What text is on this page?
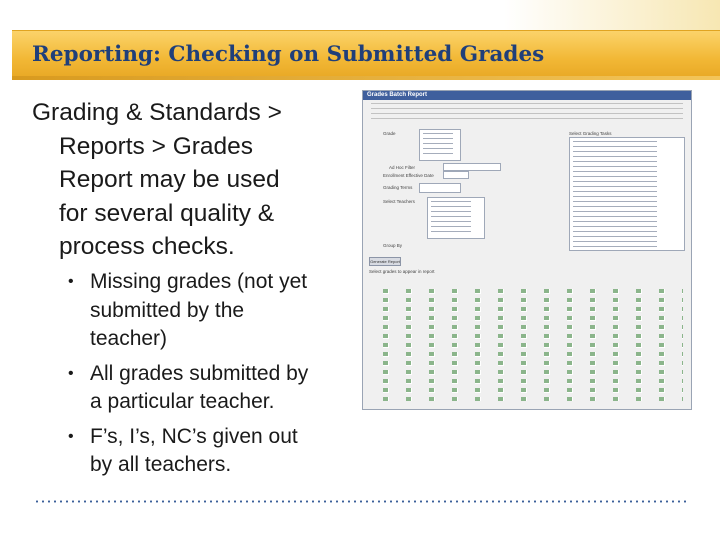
Reporting: Checking on Submitted Grades
Grading & Standards >
Reports > Grades
Report may be used
for several quality &
process checks.
• Missing grades (not yet
submitted by the
teacher)
• All grades submitted by
a particular teacher.
• F’s, I’s, NC’s given out
by all teachers.
Grades Batch Report
Grade
Ad Hoc Filter
Enrollment Effective Date
Grading Terms
Select Teachers
Group By
Generate Report
Select grades to appear in report
Select Grading Tasks
